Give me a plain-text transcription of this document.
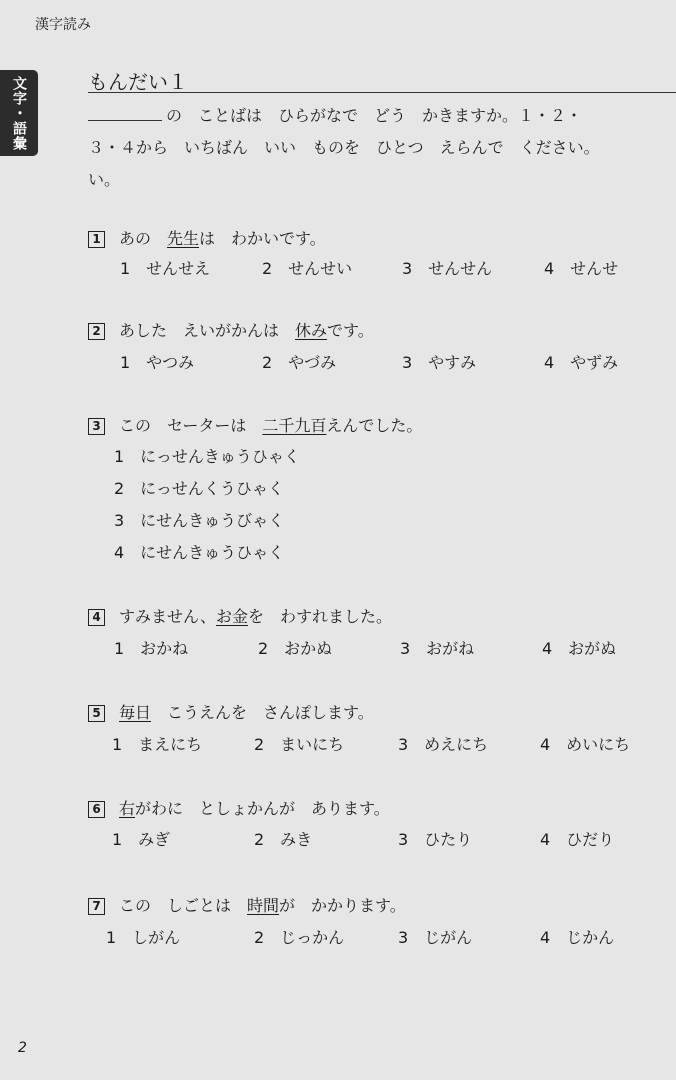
漢字読み
文字・語彙	もんだい１
の　ことばは　ひらがなで　どう　かきますか。１・２・
３・４から　いちばん　いい　ものを　ひとつ　えらんで　ください。
い。
1 あの　先生は　わかいです。
1　せんせえ	2　せんせい	3　せんせん	4　せんせ
2 あした　えいがかんは　休みです。
1　やつみ	2　やづみ	3　やすみ	4　やずみ
3 この　セーターは　二千九百えんでした。
1　にっせんきゅうひゃく
2　にっせんくうひゃく
3　にせんきゅうびゃく
4　にせんきゅうひゃく
4 すみません、お金を　わすれました。
1　おかね	2　おかぬ	3　おがね	4　おがぬ
5 毎日　こうえんを　さんぽします。
1　まえにち	2　まいにち	3　めえにち	4　めいにち
6 右がわに　としょかんが　あります。
1　みぎ	2　みき	3　ひたり	4　ひだり
7 この　しごとは　時間が　かかります。
1　しがん	2　じっかん	3　じがん	4　じかん
2
